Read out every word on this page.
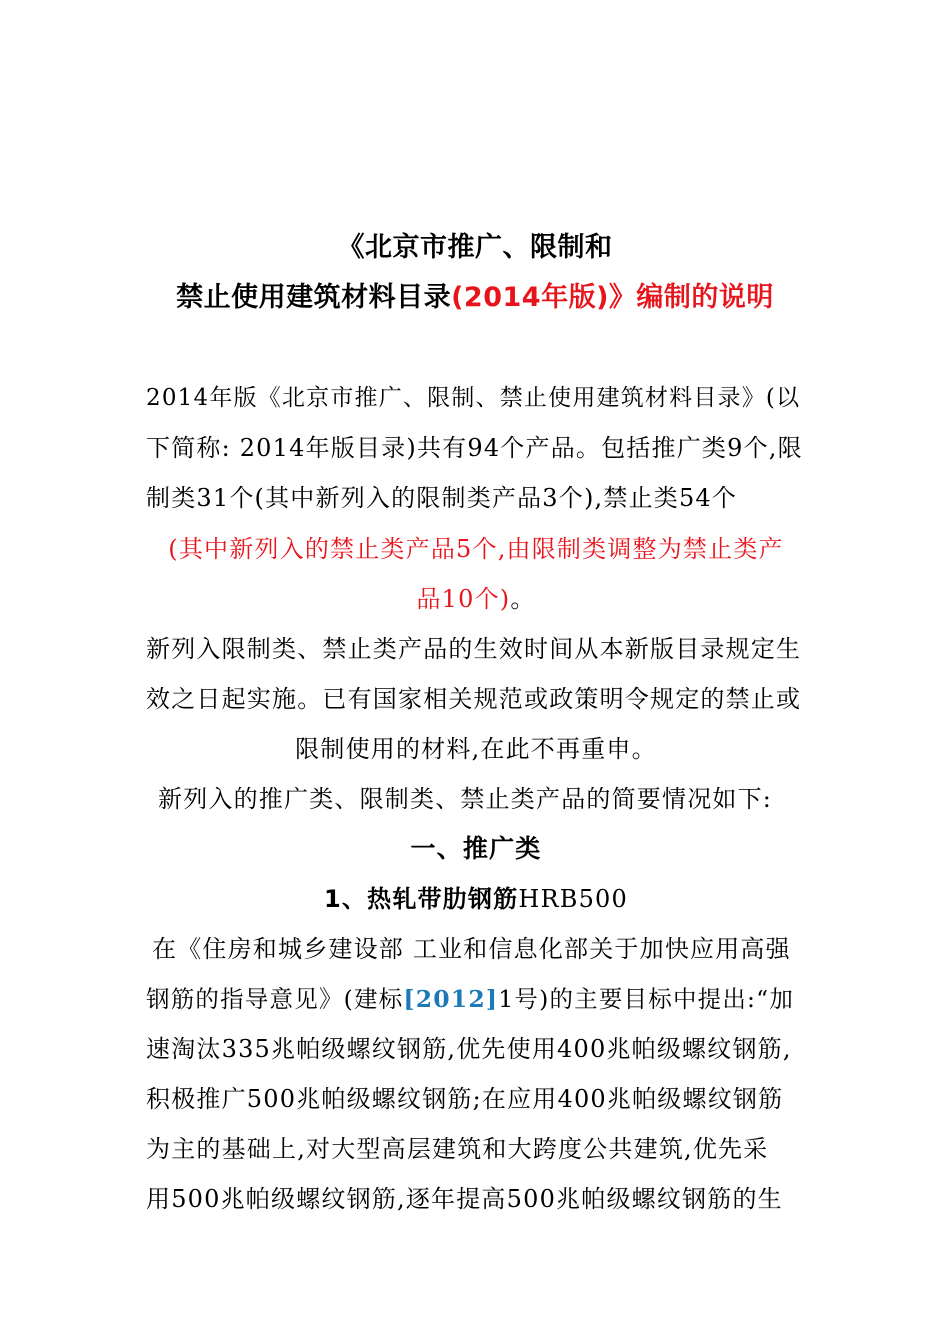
《北京市推广、限制和
禁止使用建筑材料目录(2014年版)》编制的说明
2014年版《北京市推广、限制、禁止使用建筑材料目录》(以
下简称: 2014年版目录)共有94个产品。包括推广类9个,限
制类31个(其中新列入的限制类产品3个),禁止类54个
(其中新列入的禁止类产品5个,由限制类调整为禁止类产
品10个)。
新列入限制类、禁止类产品的生效时间从本新版目录规定生
效之日起实施。已有国家相关规范或政策明令规定的禁止或
限制使用的材料,在此不再重申。
新列入的推广类、限制类、禁止类产品的简要情况如下:
一、推广类
1、热轧带肋钢筋HRB500
在《住房和城乡建设部 工业和信息化部关于加快应用高强
钢筋的指导意见》(建标[2012]1号)的主要目标中提出:“加
速淘汰335兆帕级螺纹钢筋,优先使用400兆帕级螺纹钢筋,
积极推广500兆帕级螺纹钢筋;在应用400兆帕级螺纹钢筋
为主的基础上,对大型高层建筑和大跨度公共建筑,优先采
用500兆帕级螺纹钢筋,逐年提高500兆帕级螺纹钢筋的生
